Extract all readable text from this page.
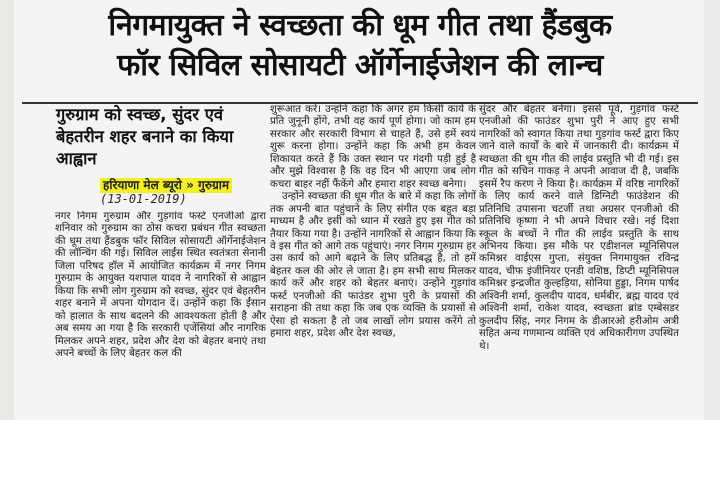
निगमायुक्त ने स्वच्छता की धूम गीत तथा हैंडबुक
फॉर सिविल सोसायटी ऑर्गेनाईजेशन की लान्च
गुरुग्राम को स्वच्छ, सुंदर एवं बेहतरीन शहर बनाने का किया आह्वान
हरियाणा मेल ब्यूरो » गुरुग्राम
(13-01-2019)

नगर निगम गुरुग्राम और गुड़गांव फर्स्ट एनजीओ द्वारा शनिवार को गुरुग्राम का ठोस कचरा प्रबंधन गीत स्वच्छता की धूम तथा हैंडबुक फॉर सिविल सोसायटी ऑर्गेनाईजेशन की लॉन्चिंग की गई। सिविल लाईंस स्थित स्वतंत्रता सेनानी जिला परिषद हॉल में आयोजित कार्यक्रम में नगर निगम गुरुग्राम के आयुक्त यशपाल यादव ने नागरिकों से आह्वान किया कि सभी लोग गुरुग्राम को स्वच्छ, सुंदर एवं बेहतरीन शहर बनाने में अपना योगदान दें। उन्होंने कहा कि ईंसान को हालात के साथ बदलने की आवश्यकता होती है और अब समय आ गया है कि सरकारी एजेंसियां और नागरिक मिलकर अपने शहर, प्रदेश और देश को बेहतर बनाएं तथा अपने बच्चों के लिए बेहतर कल की

शुरूआत करें। उन्होंने कहा कि अगर हम किसी कार्य के प्रति जुनूनी होंगे, तभी वह कार्य पूर्ण होगा। जो काम हम सरकार और सरकारी विभाग से चाहते हैं, उसे हमें स्वयं शुरू करना होगा। उन्होंने कहा कि अभी हम केवल शिकायत करते हैं कि उक्त स्थान पर गंदगी पड़ी हुई है और मुझे विश्वास है कि वह दिन भी आएगा जब लोग कचरा बाहर नहीं फैंकेंगे और हमारा शहर स्वच्छ बनेगा।

उन्होंने स्वच्छता की धूम गीत के बारे में कहा कि लोगों तक अपनी बात पहुंचाने के लिए संगीत एक बहुत बड़ा माध्यम है और इसी को ध्यान में रखते हुए इस गीत को तैयार किया गया है। उन्होंने नागरिकों से आह्वान किया कि वे इस गीत को आगे तक पहुंचाएं। नगर निगम गुरुग्राम हर उस कार्य को आगे बढ़ाने के लिए प्रतिबद्ध है, तो हमें बेहतर कल की ओर ले जाता है। हम सभी साथ मिलकर कार्य करें और शहर को बेहतर बनाएं। उन्होंने गुड़गांव फर्स्ट एनजीओ की फाउंडर शुभा पुरी के प्रयासों की सराहना की तथा कहा कि जब एक व्यक्ति के प्रयासों से ऐसा हो सकता है तो जब लाखों लोग प्रयास करेंगे तो हमारा शहर, प्रदेश और देश स्वच्छ,

सुंदर और बेहतर बनेगा। इससे पूर्व, गुड़गांव फर्स्ट एनजीओ की फाउंडर शुभा पुरी ने आए हुए सभी नागरिकों को स्वागत किया तथा गुड़गांव फर्स्ट द्वारा किए जाने वाले कार्यों के बारे में जानकारी दी। कार्यक्रम में स्वच्छता की धूम गीत की लाईव प्रस्तुति भी दी गई। इस गीत को सचिन गाकड़ ने अपनी आवाज दी है, जबकि इसमें रैप करण ने किया है। कार्यक्रम में वरिष्ठ नागरिकों के लिए कार्य करने वाले डिग्निटी फाउंडेशन की प्रतिनिधि उपासना चटर्जी तथा अग्रसर एनजीओ की प्रतिनिधि कृष्णा ने भी अपने विचार रखे। नई दिशा स्कूल के बच्चों ने गीत की लाईव प्रस्तुति के साथ अभिनय किया। इस मौके पर एडीशनल म्यूनिसिपल कमिश्नर वाईएस गुप्ता, संयुक्त निगमायुक्त रविन्द्र यादव, चीफ इंजीनियर एनडी वशिष्ठ, डिप्टी म्यूनिसिपल कमिश्नर इन्द्रजीत कुल्हड़िया, सोनिया हुड्डा, निगम पार्षद अश्विनी शर्मा, कुलदीप यादव, धर्मबीर, ब्रह्म यादव एवं अश्विनी शर्मा, राकेश यादव, स्वच्छता ब्रांड एम्बेसडर कुलदीप सिंह, नगर निगम के डीआरओ हरीओम अत्री सहित अन्य गणमान्य व्यक्ति एवं अधिकारीगण उपस्थित थे।
